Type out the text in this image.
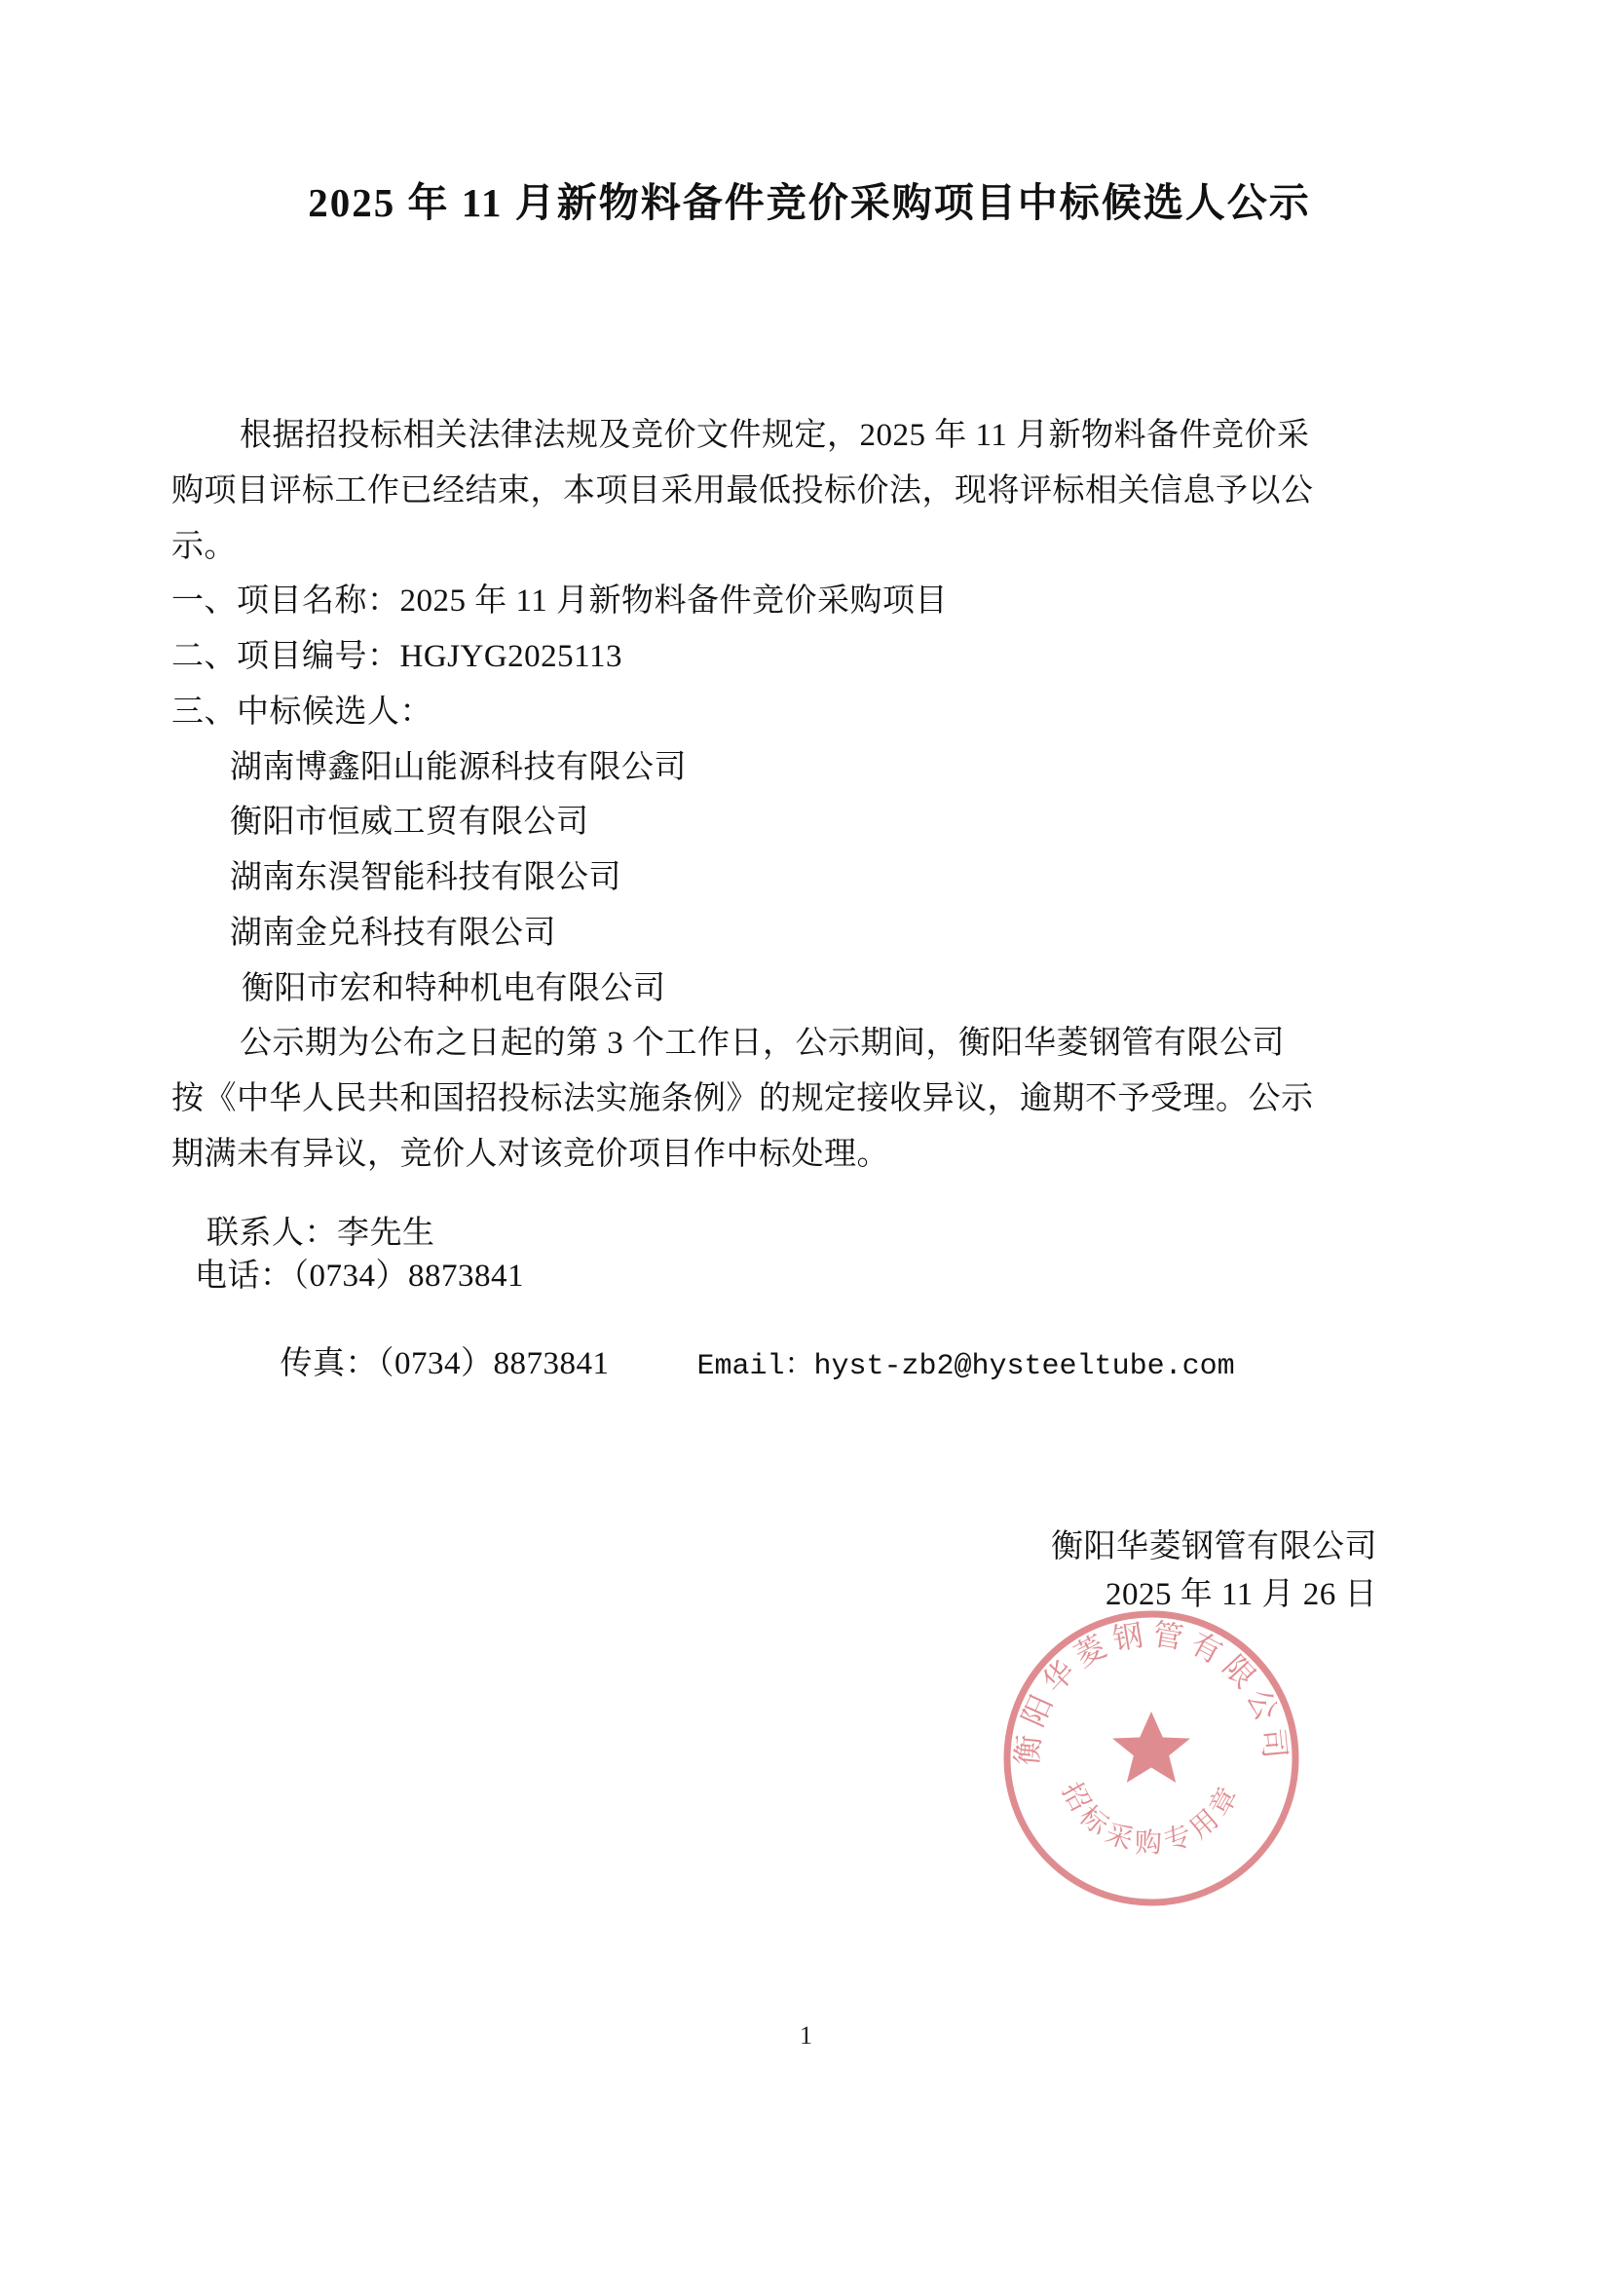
2025 年 11 月新物料备件竞价采购项目中标候选人公示

根据招投标相关法律法规及竞价文件规定，2025 年 11 月新物料备件竞价采

购项目评标工作已经结束，本项目采用最低投标价法，现将评标相关信息予以公

示。

一、项目名称：2025 年 11 月新物料备件竞价采购项目

二、项目编号：HGJYG2025113

三、中标候选人：

湖南博鑫阳山能源科技有限公司

衡阳市恒威工贸有限公司

湖南东淏智能科技有限公司

湖南金兑科技有限公司

衡阳市宏和特种机电有限公司

公示期为公布之日起的第 3 个工作日，公示期间，衡阳华菱钢管有限公司

按《中华人民共和国招投标法实施条例》的规定接收异议，逾期不予受理。公示

期满未有异议，竞价人对该竞价项目作中标处理。

联系人：李先生
电话：（0734）8873841

传真：（0734）8873841	Email：hyst-zb2@hysteeltube.com

衡阳华菱钢管有限公司
2025 年 11 月 26 日
衡阳华菱钢管有限公司
招标采购专用章
1
